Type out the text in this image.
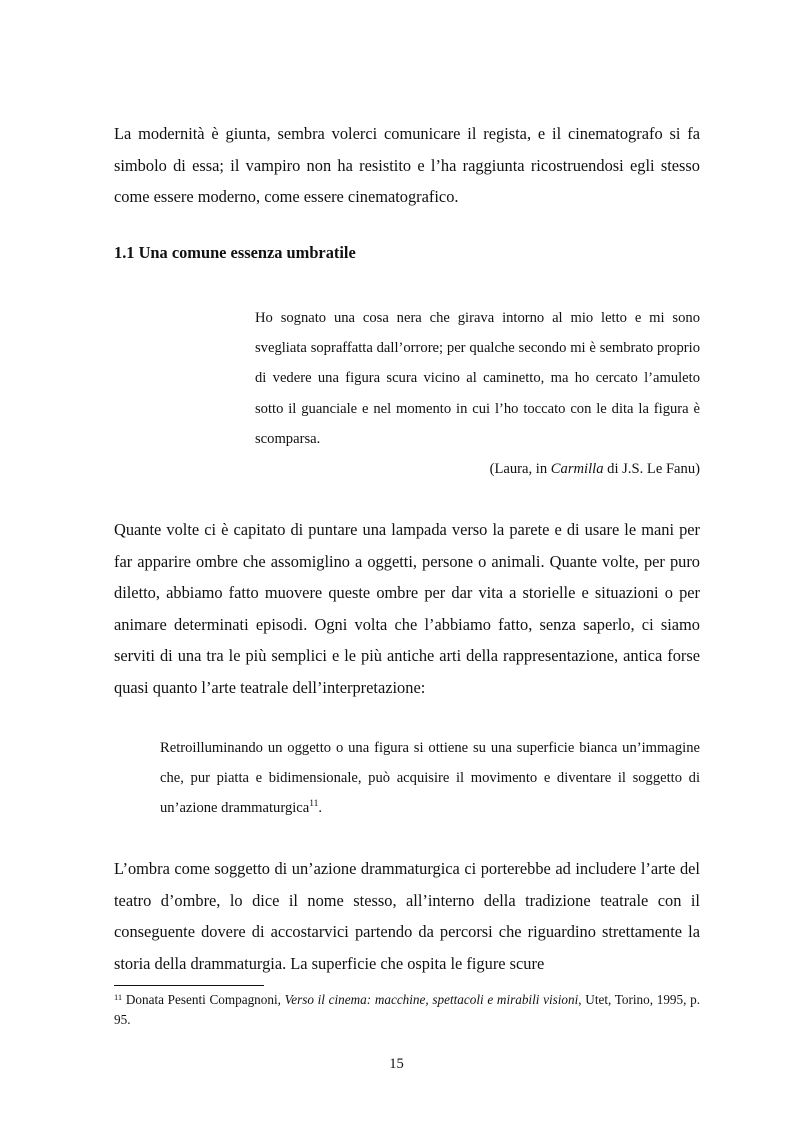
La modernità è giunta, sembra volerci comunicare il regista, e il cinematografo si fa simbolo di essa; il vampiro non ha resistito e l’ha raggiunta ricostruendosi egli stesso come essere moderno, come essere cinematografico.

1.1 Una comune essenza umbratile

Ho sognato una cosa nera che girava intorno al mio letto e mi sono svegliata sopraffatta dall’orrore; per qualche secondo mi è sembrato proprio di vedere una figura scura vicino al caminetto, ma ho cercato l’amuleto sotto il guanciale e nel momento in cui l’ho toccato con le dita la figura è scomparsa.

(Laura, in Carmilla di J.S. Le Fanu)

Quante volte ci è capitato di puntare una lampada verso la parete e di usare le mani per far apparire ombre che assomiglino a oggetti, persone o animali. Quante volte, per puro diletto, abbiamo fatto muovere queste ombre per dar vita a storielle e situazioni o per animare determinati episodi. Ogni volta che l’abbiamo fatto, senza saperlo, ci siamo serviti di una tra le più semplici e le più antiche arti della rappresentazione, antica forse quasi quanto l’arte teatrale dell’interpretazione:

Retroilluminando un oggetto o una figura si ottiene su una superficie bianca un’immagine che, pur piatta e bidimensionale, può acquisire il movimento e diventare il soggetto di un’azione drammaturgica$^{11}$.

L’ombra come soggetto di un’azione drammaturgica ci porterebbe ad includere l’arte del teatro d’ombre, lo dice il nome stesso, all’interno della tradizione teatrale con il conseguente dovere di accostarvici partendo da percorsi che riguardino strettamente la storia della drammaturgia. La superficie che ospita le figure scure

$^{11}$ Donata Pesenti Compagnoni, Verso il cinema: macchine, spettacoli e mirabili visioni, Utet, Torino, 1995, p. 95.

15
